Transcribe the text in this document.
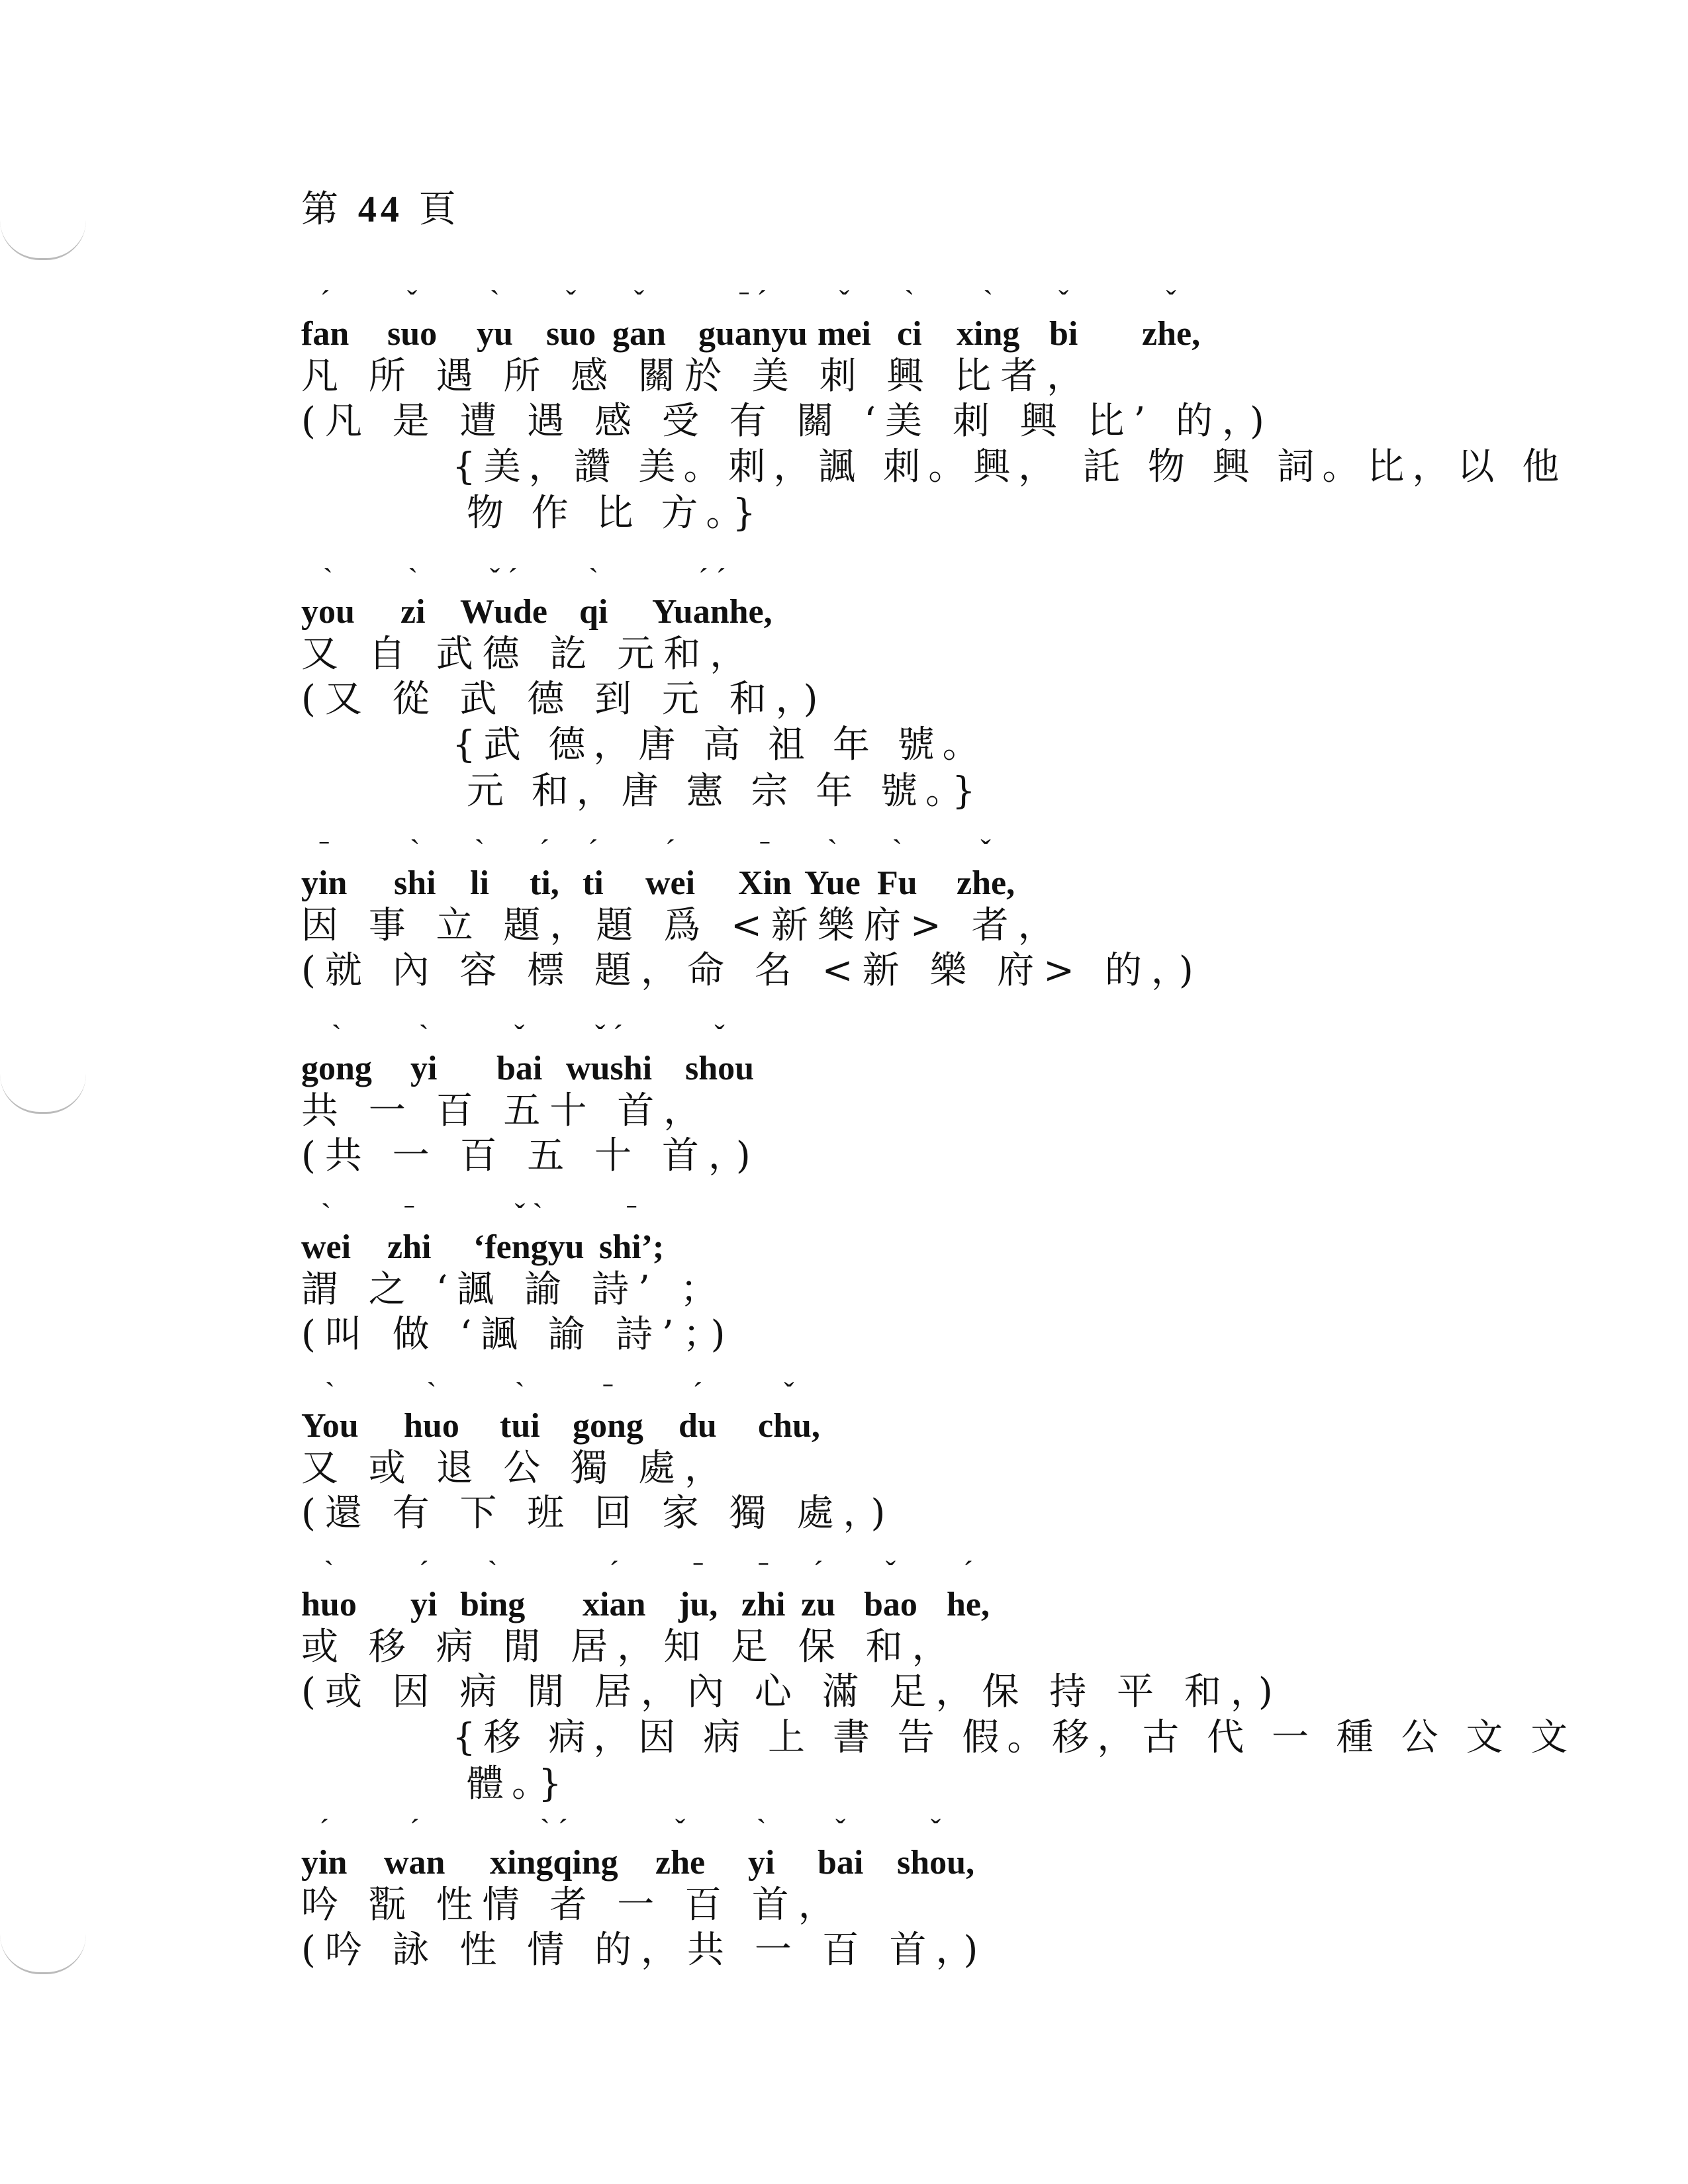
第 44 頁
ˊ
fan
ˇ
suo
ˋ
yu
ˇ
suo
ˇ
gan
ˉ ˊ
guanyu
ˇ
mei
ˋ
ci
ˋ
xing
ˇ
bi
ˇ
zhe,
凡 所 遇 所 感 關於 美 刺 興 比者，
(凡 是 遭 遇 感 受 有 關 ‘美 刺 興 比’ 的，)
{美，讚 美。刺，諷 刺。興， 託 物 興 詞。比，以 他
物 作 比 方。}
ˋ
you
ˋ
zi
ˇ ˊ
Wude
ˋ
qi
ˊ ˊ
Yuanhe,
又 自 武德 訖 元和，
(又 從 武 德 到 元 和，)
{武 德，唐 高 祖 年 號。
元 和，唐 憲 宗 年 號。}
ˉ
yin
ˋ
shi
ˋ
li
ˊ
ti,
ˊ
ti
ˊ
wei
ˉ
Xin
ˋ
Yue
ˋ
Fu
ˇ
zhe,
因 事 立 題，題 爲 <新樂府> 者，
(就 內 容 標 題，命 名 <新 樂 府> 的，)
ˋ
gong
ˋ
yi
ˇ
bai
ˇ ˊ
wushi
ˇ
shou
共 一 百 五十 首，
(共 一 百 五 十 首，)
ˋ
wei
ˉ
zhi
ˇ ˋ
‘fengyu
ˉ
shi’;
謂 之 ‘諷 諭 詩’ ；
(叫 做 ‘諷 諭 詩’；)
ˋ
You
ˋ
huo
ˋ
tui
ˉ
gong
ˊ
du
ˇ
chu,
又 或 退 公 獨 處，
(還 有 下 班 回 家 獨 處，)
ˋ
huo
ˊ
yi
ˋ
bing
ˊ
xian
ˉ
ju,
ˉ
zhi
ˊ
zu
ˇ
bao
ˊ
he,
或 移 病 閒 居，知 足 保 和，
(或 因 病 閒 居，內 心 滿 足，保 持 平 和，)
{移 病，因 病 上 書 告 假。移，古 代 一 種 公 文 文
體。}
ˊ
yin
ˊ
wan
ˋ ˊ
xingqing
ˇ
zhe
ˋ
yi
ˇ
bai
ˇ
shou,
吟 翫 性情 者 一 百 首，
(吟 詠 性 情 的，共 一 百 首，)
